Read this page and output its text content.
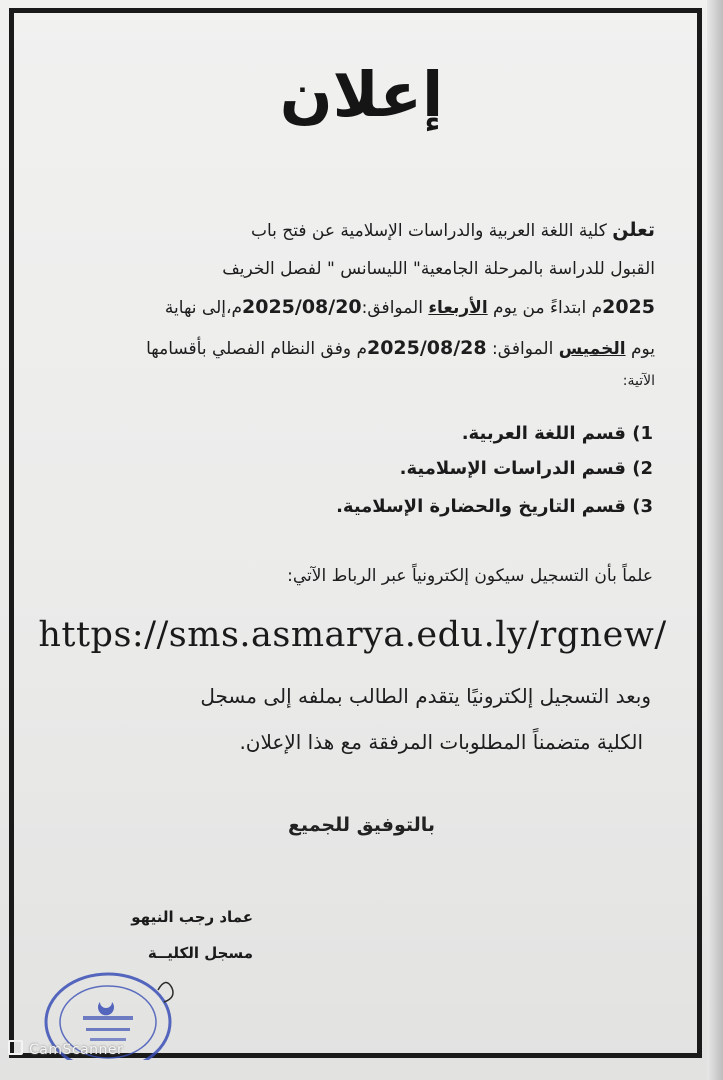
إعلان
تعلن كلية اللغة العربية والدراسات الإسلامية عن فتح باب
القبول للدراسة بالمرحلة الجامعية" الليسانس " لفصل الخريف
2025م ابتداءً من يوم الأربعاء الموافق:2025/08/20م،إلى نهاية
يوم الخميس الموافق: 2025/08/28م وفق النظام الفصلي بأقسامها
الآتية:
1) قسم اللغة العربية.
2) قسم الدراسات الإسلامية.
3) قسم التاريخ والحضارة الإسلامية.
علماً بأن التسجيل سيكون إلكترونياً عبر الرباط الآتي:
https://sms.asmarya.edu.ly/rgnew/
وبعد التسجيل إلكترونيًا يتقدم الطالب بملفه إلى مسجل
الكلية متضمناً المطلوبات المرفقة مع هذا الإعلان.
بالتوفيق للجميع
عماد رجب النيهو
مسجل الكليــة
CamScanner
